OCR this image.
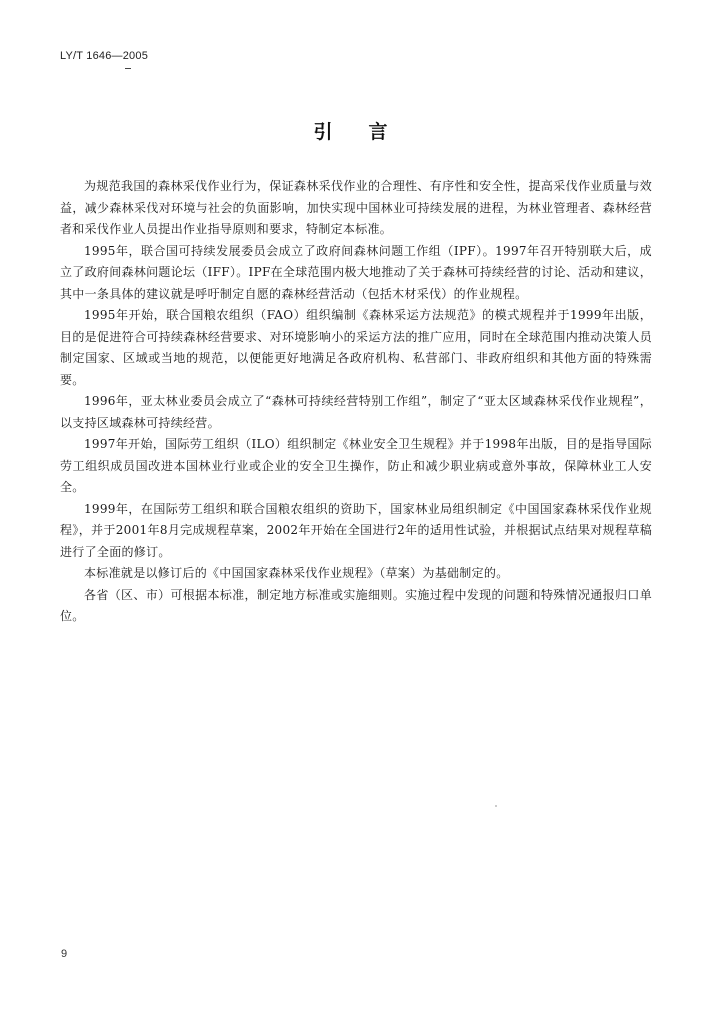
LY/T 1646—2005
引言

为规范我国的森林采伐作业行为，保证森林采伐作业的合理性、有序性和安全性，提高采伐作业质量与效益，减少森林采伐对环境与社会的负面影响，加快实现中国林业可持续发展的进程，为林业管理者、森林经营者和采伐作业人员提出作业指导原则和要求，特制定本标准。

1995年，联合国可持续发展委员会成立了政府间森林问题工作组（IPF）。1997年召开特别联大后，成立了政府间森林问题论坛（IFF）。IPF在全球范围内极大地推动了关于森林可持续经营的讨论、活动和建议，其中一条具体的建议就是呼吁制定自愿的森林经营活动（包括木材采伐）的作业规程。

1995年开始，联合国粮农组织（FAO）组织编制《森林采运方法规范》的模式规程并于1999年出版，目的是促进符合可持续森林经营要求、对环境影响小的采运方法的推广应用，同时在全球范围内推动决策人员制定国家、区域或当地的规范，以便能更好地满足各政府机构、私营部门、非政府组织和其他方面的特殊需要。

1996年，亚太林业委员会成立了“森林可持续经营特别工作组”，制定了“亚太区域森林采伐作业规程”，以支持区域森林可持续经营。

1997年开始，国际劳工组织（ILO）组织制定《林业安全卫生规程》并于1998年出版，目的是指导国际劳工组织成员国改进本国林业行业或企业的安全卫生操作，防止和减少职业病或意外事故，保障林业工人安全。

1999年，在国际劳工组织和联合国粮农组织的资助下，国家林业局组织制定《中国国家森林采伐作业规程》，并于2001年8月完成规程草案，2002年开始在全国进行2年的适用性试验，并根据试点结果对规程草稿进行了全面的修订。

本标准就是以修订后的《中国国家森林采伐作业规程》（草案）为基础制定的。

各省（区、市）可根据本标准，制定地方标准或实施细则。实施过程中发现的问题和特殊情况通报归口单位。

9
